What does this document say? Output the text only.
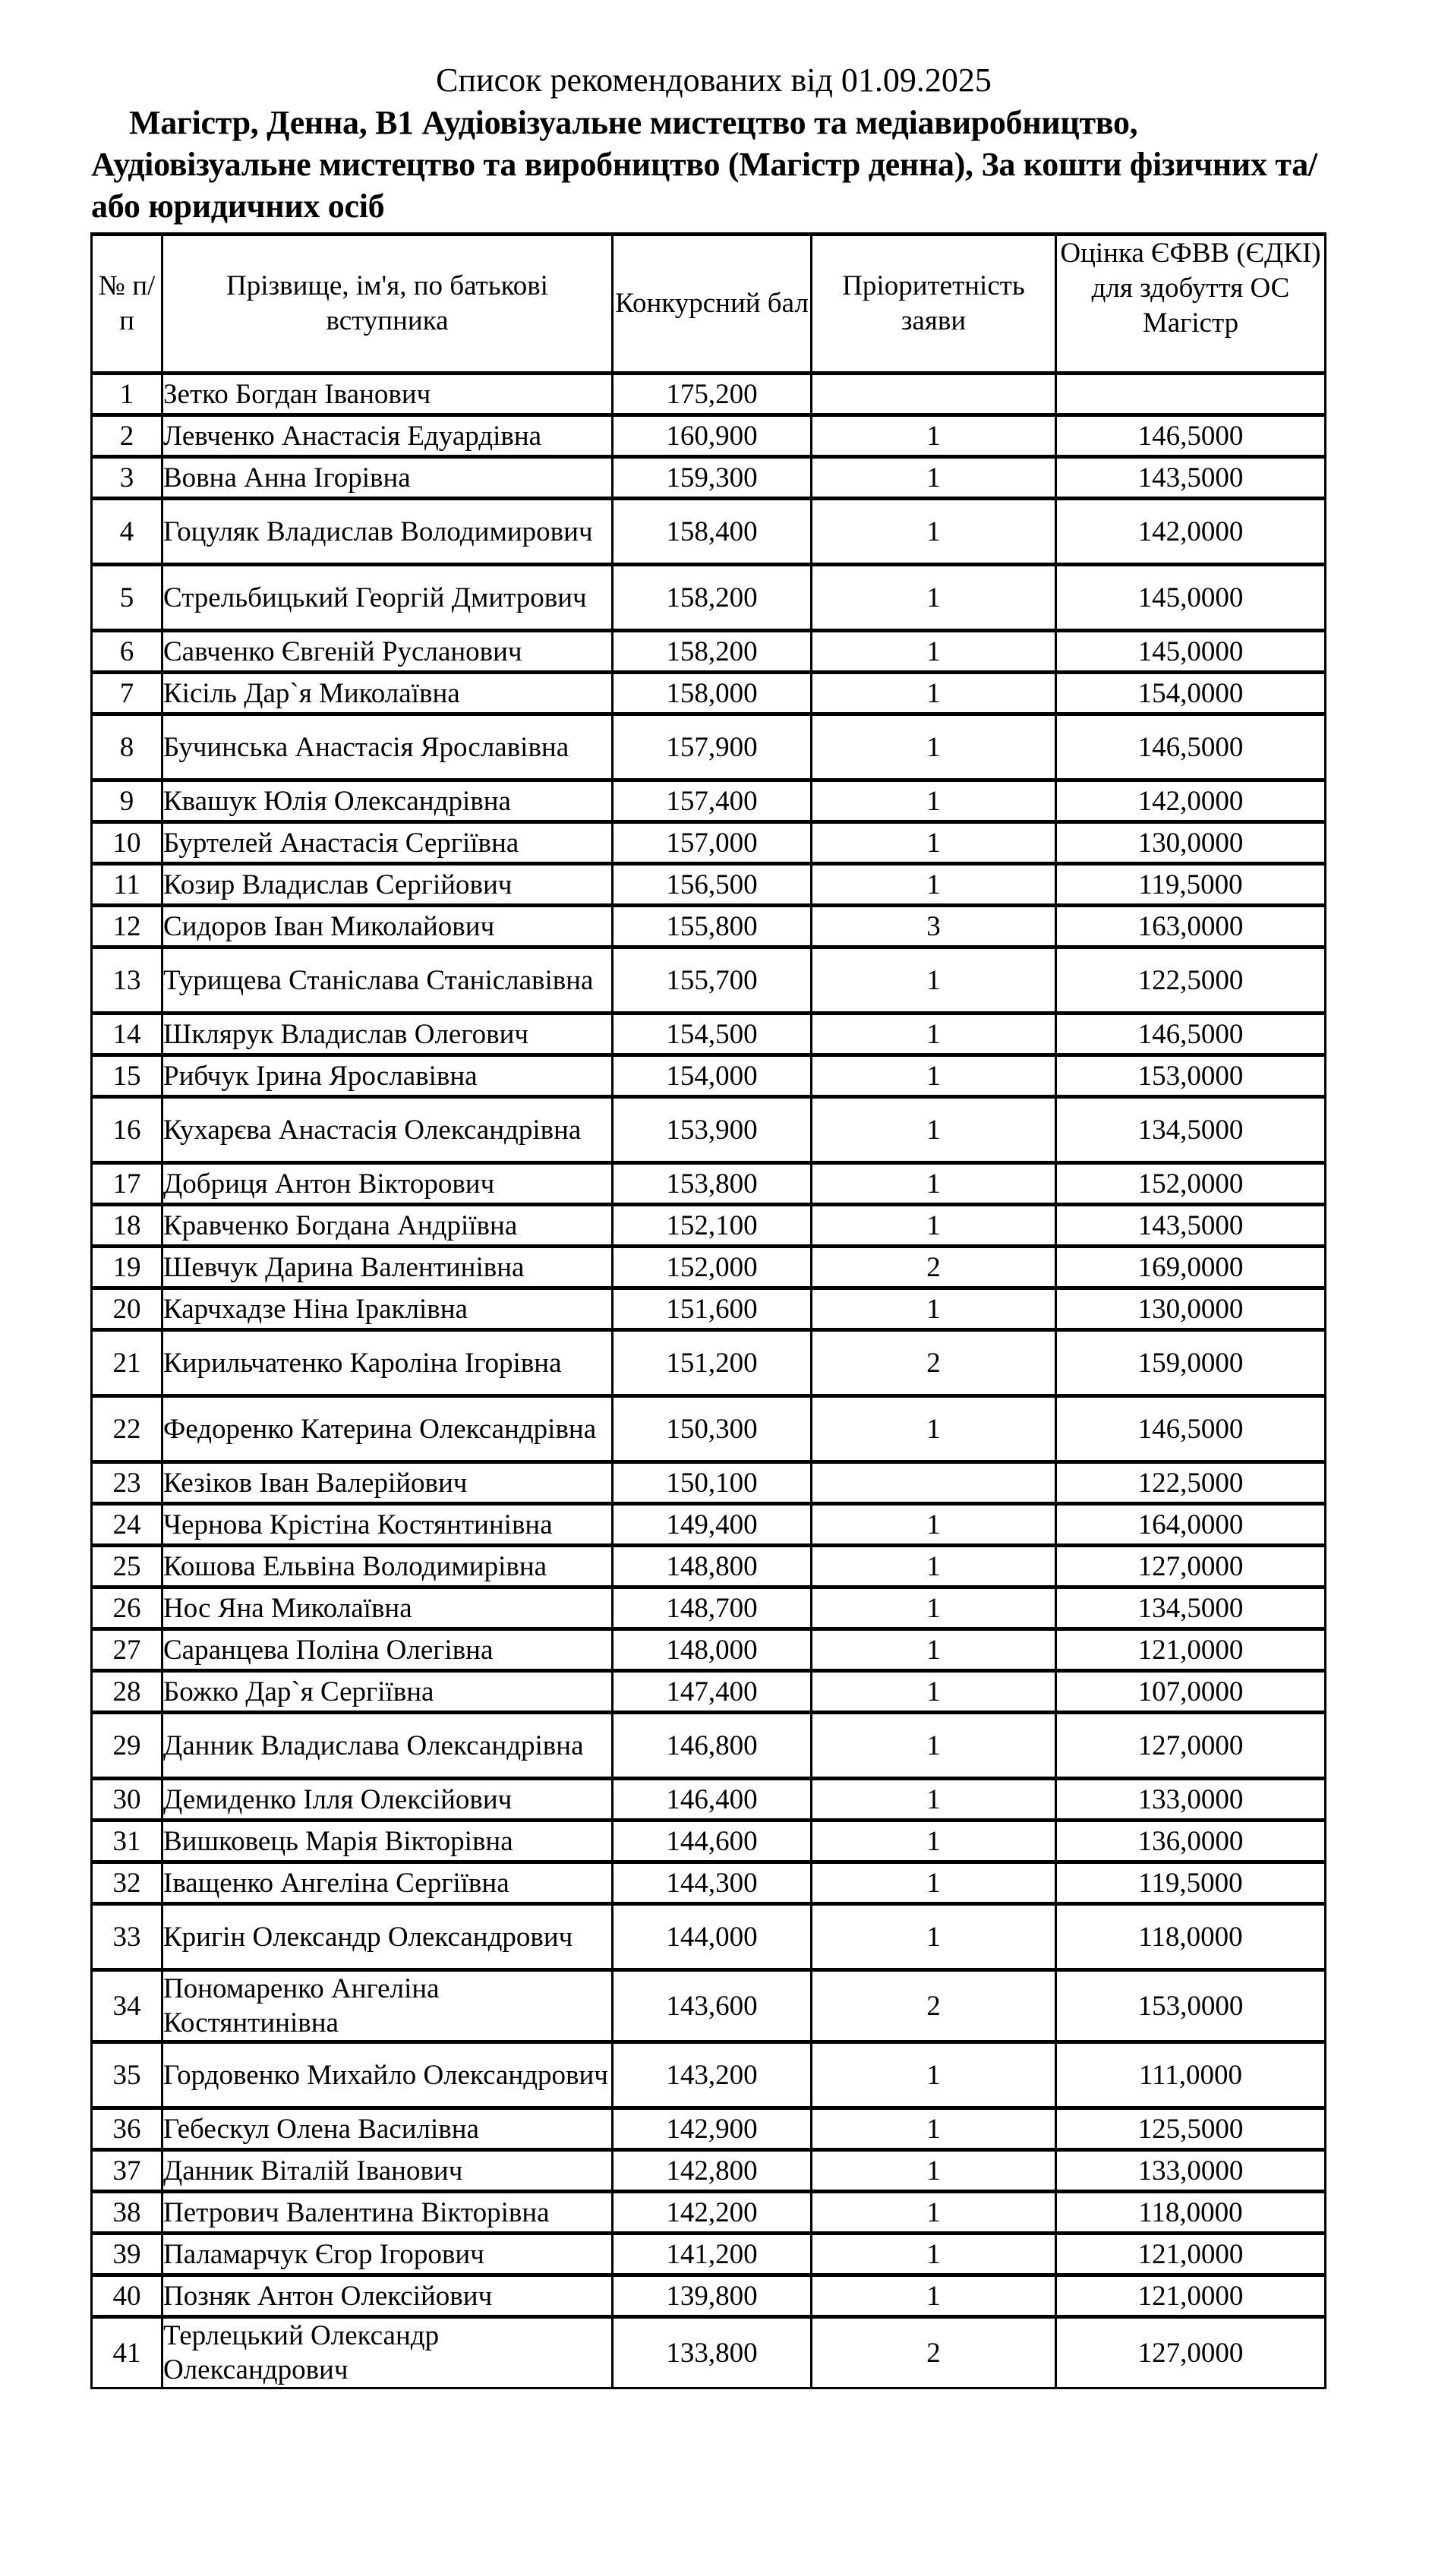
Список рекомендованих від 01.09.2025
Магістр, Денна, В1 Аудіовізуальне мистецтво та медіавиробництво, Аудіовізуальне мистецтво та виробництво (Магістр денна), За кошти фізичних та/або юридичних осіб
№ п/п	Прізвище, ім'я, по батькові вступника	Конкурсний бал	Пріоритетність заяви	Оцінка ЄФВВ (ЄДКІ) для здобуття ОС Магістр
1	Зетко Богдан Іванович	175,200		
2	Левченко Анастасія Едуардівна	160,900	1	146,5000
3	Вовна Анна Ігорівна	159,300	1	143,5000
4	Гоцуляк Владислав Володимирович	158,400	1	142,0000
5	Стрельбицький Георгій Дмитрович	158,200	1	145,0000
6	Савченко Євгеній Русланович	158,200	1	145,0000
7	Кісіль Дар`я Миколаївна	158,000	1	154,0000
8	Бучинська Анастасія Ярославівна	157,900	1	146,5000
9	Квашук Юлія Олександрівна	157,400	1	142,0000
10	Буртелей Анастасія Сергіївна	157,000	1	130,0000
11	Козир Владислав Сергійович	156,500	1	119,5000
12	Сидоров Іван Миколайович	155,800	3	163,0000
13	Турищева Станіслава Станіславівна	155,700	1	122,5000
14	Шклярук Владислав Олегович	154,500	1	146,5000
15	Рибчук Ірина Ярославівна	154,000	1	153,0000
16	Кухарєва Анастасія Олександрівна	153,900	1	134,5000
17	Добриця Антон Вікторович	153,800	1	152,0000
18	Кравченко Богдана Андріївна	152,100	1	143,5000
19	Шевчук Дарина Валентинівна	152,000	2	169,0000
20	Карчхадзе Ніна Іраклівна	151,600	1	130,0000
21	Кирильчатенко Кароліна Ігорівна	151,200	2	159,0000
22	Федоренко Катерина Олександрівна	150,300	1	146,5000
23	Кезіков Іван Валерійович	150,100		122,5000
24	Чернова Крістіна Костянтинівна	149,400	1	164,0000
25	Кошова Ельвіна Володимирівна	148,800	1	127,0000
26	Нос Яна Миколаївна	148,700	1	134,5000
27	Саранцева Поліна Олегівна	148,000	1	121,0000
28	Божко Дар`я Сергіївна	147,400	1	107,0000
29	Данник Владислава Олександрівна	146,800	1	127,0000
30	Демиденко Ілля Олексійович	146,400	1	133,0000
31	Вишковець Марія Вікторівна	144,600	1	136,0000
32	Іващенко Ангеліна Сергіївна	144,300	1	119,5000
33	Кригін Олександр Олександрович	144,000	1	118,0000
34	Пономаренко Ангеліна Костянтинівна	143,600	2	153,0000
35	Гордовенко Михайло Олександрович	143,200	1	111,0000
36	Гебескул Олена Василівна	142,900	1	125,5000
37	Данник Віталій Іванович	142,800	1	133,0000
38	Петрович Валентина Вікторівна	142,200	1	118,0000
39	Паламарчук Єгор Ігорович	141,200	1	121,0000
40	Позняк Антон Олексійович	139,800	1	121,0000
41	Терлецький Олександр Олександрович	133,800	2	127,0000
